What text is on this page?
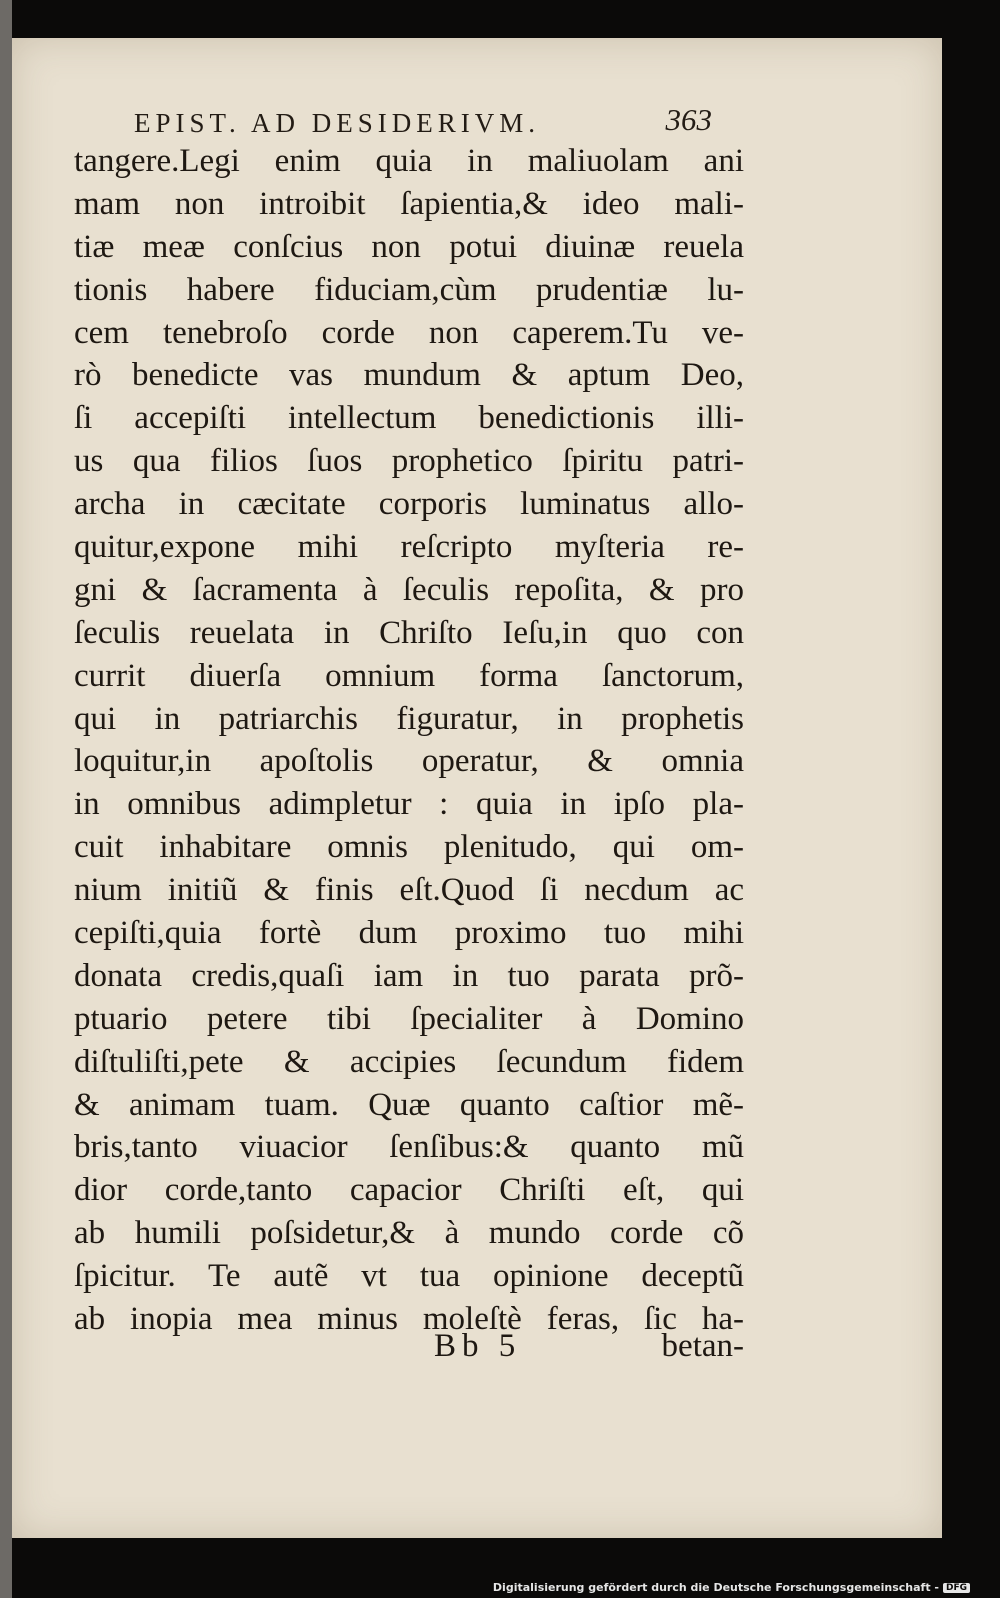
EPIST. AD DESIDERIVM.	363
tangere.Legi enim quia in maliuolam ani
mam non introibit ſapientia,& ideo mali-
tiæ meæ conſcius non potui diuinæ reuela
tionis habere fiduciam,cùm prudentiæ lu-
cem tenebroſo corde non caperem.Tu ve-
rò benedicte vas mundum & aptum Deo,
ſi accepiſti intellectum benedictionis illi-
us qua filios ſuos prophetico ſpiritu patri-
archa in cæcitate corporis luminatus allo-
quitur,expone mihi reſcripto myſteria re-
gni & ſacramenta à ſeculis repoſita, & pro
ſeculis reuelata in Chriſto Ieſu,in quo con
currit diuerſa omnium forma ſanctorum,
qui in patriarchis figuratur, in prophetis
loquitur,in apoſtolis operatur, & omnia
in omnibus adimpletur : quia in ipſo pla-
cuit inhabitare omnis plenitudo, qui om-
nium initiũ & finis eſt.Quod ſi necdum ac
cepiſti,quia fortè dum proximo tuo mihi
donata credis,quaſi iam in tuo parata prõ-
ptuario petere tibi ſpecialiter à Domino
diſtuliſti,pete & accipies ſecundum fidem
& animam tuam. Quæ quanto caſtior mẽ-
bris,tanto viuacior ſenſibus:& quanto mũ
dior corde,tanto capacior Chriſti eſt, qui
ab humili poſsidetur,& à mundo corde cõ
ſpicitur. Te autẽ vt tua opinione deceptũ
ab inopia mea minus moleſtè feras, ſic ha-
Bb 5	betan-
Digitalisierung gefördert durch die Deutsche Forschungsgemeinschaft - DFG
